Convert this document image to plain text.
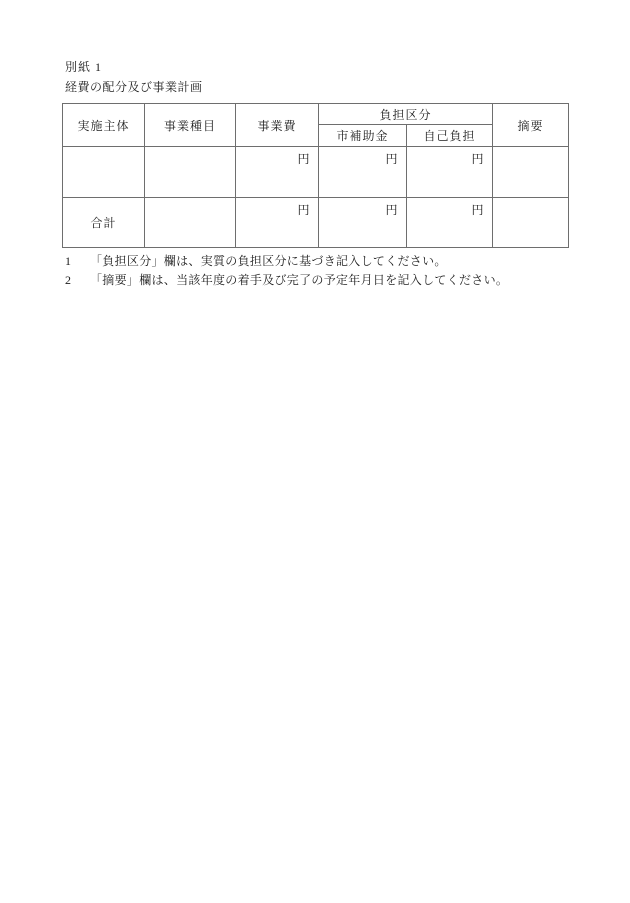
別紙 1
経費の配分及び事業計画
実施主体	事業種目	事業費	負担区分		摘要
			市補助金	自己負担	
		円	円	円	
合計		円	円	円	
1	「負担区分」欄は、実質の負担区分に基づき記入してください。
2	「摘要」欄は、当該年度の着手及び完了の予定年月日を記入してください。
